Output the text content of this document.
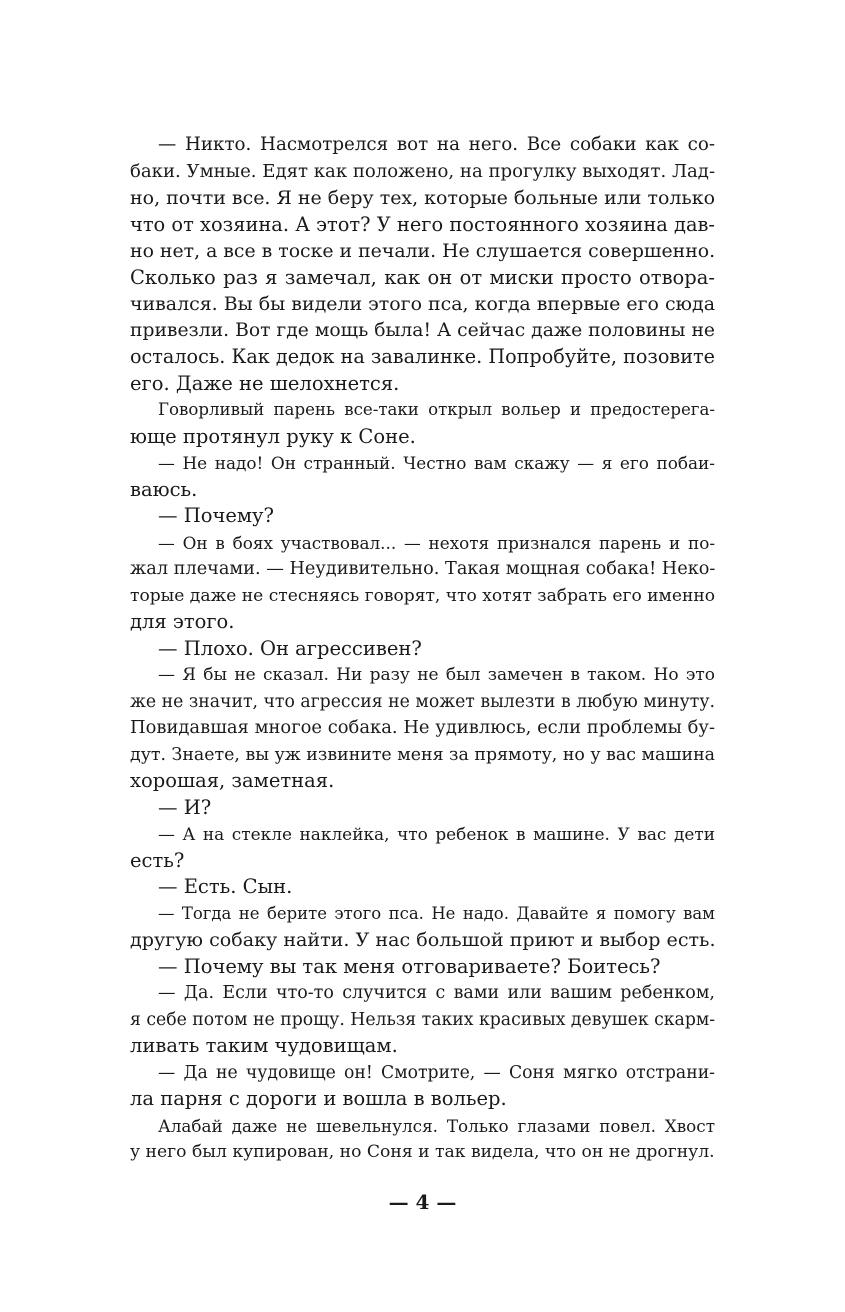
— Никто. Насмотрелся вот на него. Все собаки как со-
баки. Умные. Едят как положено, на прогулку выходят. Лад-
но, почти все. Я не беру тех, которые больные или только
что от хозяина. А этот? У него постоянного хозяина дав-
но нет, а все в тоске и печали. Не слушается совершенно.
Сколько раз я замечал, как он от миски просто отвора-
чивался. Вы бы видели этого пса, когда впервые его сюда
привезли. Вот где мощь была! А сейчас даже половины не
осталось. Как дедок на завалинке. Попробуйте, позовите
его. Даже не шелохнется.

Говорливый парень все-таки открыл вольер и предостерега-
юще протянул руку к Соне.

— Не надо! Он странный. Честно вам скажу — я его побаи-
ваюсь.

— Почему?

— Он в боях участвовал... — нехотя признался парень и по-
жал плечами. — Неудивительно. Такая мощная собака! Неко-
торые даже не стесняясь говорят, что хотят забрать его именно
для этого.

— Плохо. Он агрессивен?

— Я бы не сказал. Ни разу не был замечен в таком. Но это
же не значит, что агрессия не может вылезти в любую минуту.
Повидавшая многое собака. Не удивлюсь, если проблемы бу-
дут. Знаете, вы уж извините меня за прямоту, но у вас машина
хорошая, заметная.

— И?

— А на стекле наклейка, что ребенок в машине. У вас дети
есть?

— Есть. Сын.

— Тогда не берите этого пса. Не надо. Давайте я помогу вам
другую собаку найти. У нас большой приют и выбор есть.

— Почему вы так меня отговариваете? Боитесь?

— Да. Если что-то случится с вами или вашим ребенком,
я себе потом не прощу. Нельзя таких красивых девушек скарм-
ливать таким чудовищам.

— Да не чудовище он! Смотрите, — Соня мягко отстрани-
ла парня с дороги и вошла в вольер.

Алабай даже не шевельнулся. Только глазами повел. Хвост
у него был купирован, но Соня и так видела, что он не дрогнул.

— 4 —
